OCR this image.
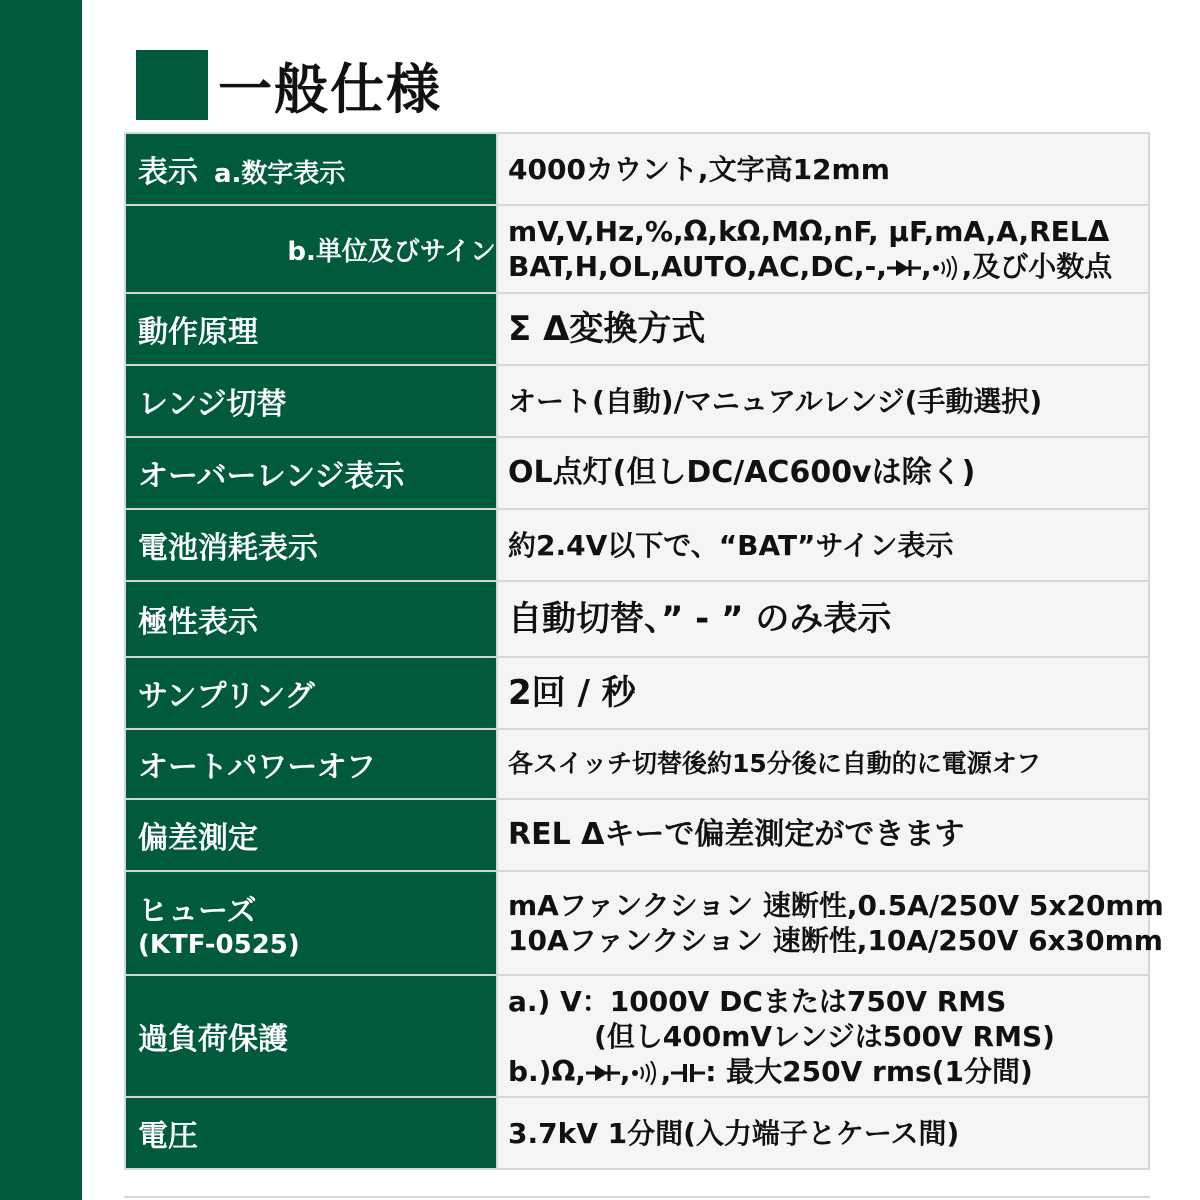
一般仕様
表示 a.数字表示	4000カウント,文字高12mm
b.単位及びサイン	mV,V,Hz,%,Ω,kΩ,MΩ,nF, µF,mA,A,RELΔ
BAT,H,OL,AUTO,AC,DC,-, , ,及び小数点

動作原理	Σ Δ変換方式
レンジ切替	オート(自動)/マニュアルレンジ(手動選択)
オーバーレンジ表示	OL点灯(但しDC/AC600vは除く)
電池消耗表示	約2.4V以下で、“BAT”サイン表示
極性表示	自動切替、” - ” のみ表示
サンプリング	2回 / 秒
オートパワーオフ	各スイッチ切替後約15分後に自動的に電源オフ
偏差測定	REL Δキーで偏差測定ができます

ヒューズ
(KTF-0525)	mAファンクション 速断性,0.5A/250V 5x20mm
10Aファンクション 速断性,10A/250V 6x30mm

過負荷保護	a.) V：1000V DCまたは750V RMS
(但し400mVレンジは500V RMS)
b.)Ω, , , : 最大250V rms(1分間)

電圧	3.7kV 1分間(入力端子とケース間)
